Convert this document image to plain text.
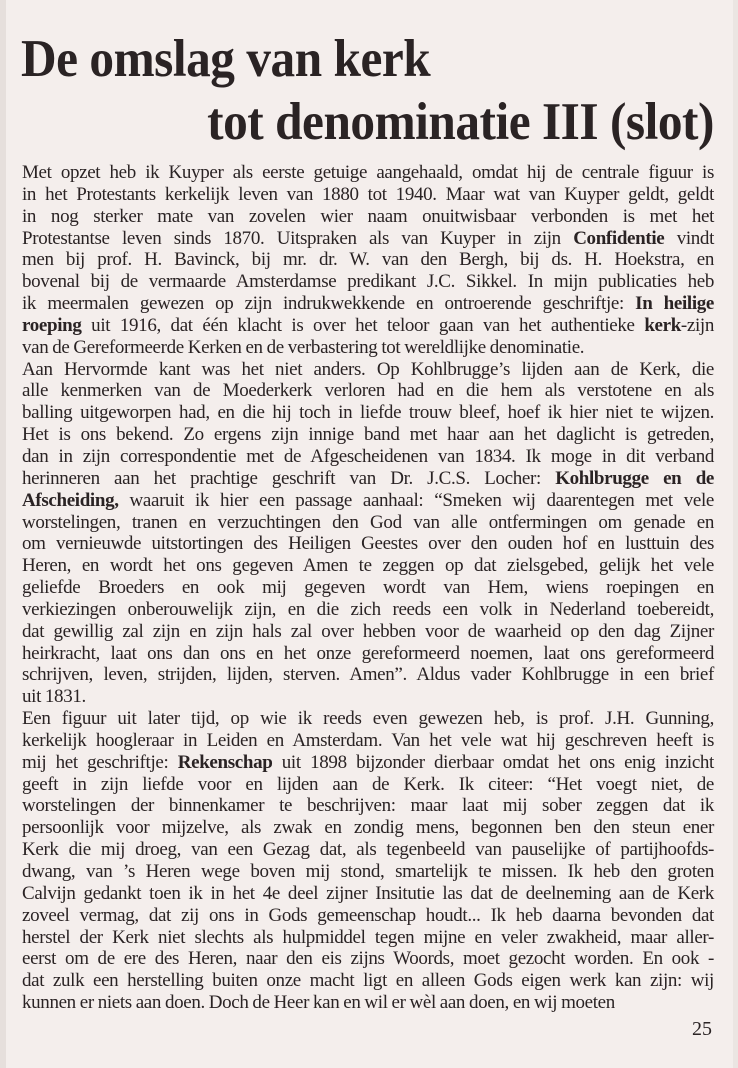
De omslag van kerk
tot denominatie III (slot)
Met opzet heb ik Kuyper als eerste getuige aangehaald, omdat hij de centrale figuur is
in het Protestants kerkelijk leven van 1880 tot 1940. Maar wat van Kuyper geldt, geldt
in nog sterker mate van zovelen wier naam onuitwisbaar verbonden is met het
Protestantse leven sinds 1870. Uitspraken als van Kuyper in zijn Confidentie vindt
men bij prof. H. Bavinck, bij mr. dr. W. van den Bergh, bij ds. H. Hoekstra, en
bovenal bij de vermaarde Amsterdamse predikant J.C. Sikkel. In mijn publicaties heb
ik meermalen gewezen op zijn indrukwekkende en ontroerende geschriftje: In heilige
roeping uit 1916, dat één klacht is over het teloor gaan van het authentieke kerk-zijn
van de Gereformeerde Kerken en de verbastering tot wereldlijke denominatie.
Aan Hervormde kant was het niet anders. Op Kohlbrugge’s lijden aan de Kerk, die
alle kenmerken van de Moederkerk verloren had en die hem als verstotene en als
balling uitgeworpen had, en die hij toch in liefde trouw bleef, hoef ik hier niet te wijzen.
Het is ons bekend. Zo ergens zijn innige band met haar aan het daglicht is getreden,
dan in zijn correspondentie met de Afgescheidenen van 1834. Ik moge in dit verband
herinneren aan het prachtige geschrift van Dr. J.C.S. Locher: Kohlbrugge en de
Afscheiding, waaruit ik hier een passage aanhaal: “Smeken wij daarentegen met vele
worstelingen, tranen en verzuchtingen den God van alle ontfermingen om genade en
om vernieuwde uitstortingen des Heiligen Geestes over den ouden hof en lusttuin des
Heren, en wordt het ons gegeven Amen te zeggen op dat zielsgebed, gelijk het vele
geliefde Broeders en ook mij gegeven wordt van Hem, wiens roepingen en
verkiezingen onberouwelijk zijn, en die zich reeds een volk in Nederland toebereidt,
dat gewillig zal zijn en zijn hals zal over hebben voor de waarheid op den dag Zijner
heirkracht, laat ons dan ons en het onze gereformeerd noemen, laat ons gereformeerd
schrijven, leven, strijden, lijden, sterven. Amen”. Aldus vader Kohlbrugge in een brief
uit 1831.
Een figuur uit later tijd, op wie ik reeds even gewezen heb, is prof. J.H. Gunning,
kerkelijk hoogleraar in Leiden en Amsterdam. Van het vele wat hij geschreven heeft is
mij het geschriftje: Rekenschap uit 1898 bijzonder dierbaar omdat het ons enig inzicht
geeft in zijn liefde voor en lijden aan de Kerk. Ik citeer: “Het voegt niet, de
worstelingen der binnenkamer te beschrijven: maar laat mij sober zeggen dat ik
persoonlijk voor mijzelve, als zwak en zondig mens, begonnen ben den steun ener
Kerk die mij droeg, van een Gezag dat, als tegenbeeld van pauselijke of partijhoofds-
dwang, van ’s Heren wege boven mij stond, smartelijk te missen. Ik heb den groten
Calvijn gedankt toen ik in het 4e deel zijner Insitutie las dat de deelneming aan de Kerk
zoveel vermag, dat zij ons in Gods gemeenschap houdt... Ik heb daarna bevonden dat
herstel der Kerk niet slechts als hulpmiddel tegen mijne en veler zwakheid, maar aller-
eerst om de ere des Heren, naar den eis zijns Woords, moet gezocht worden. En ook -
dat zulk een herstelling buiten onze macht ligt en alleen Gods eigen werk kan zijn: wij
kunnen er niets aan doen. Doch de Heer kan en wil er wèl aan doen, en wij moeten
25
